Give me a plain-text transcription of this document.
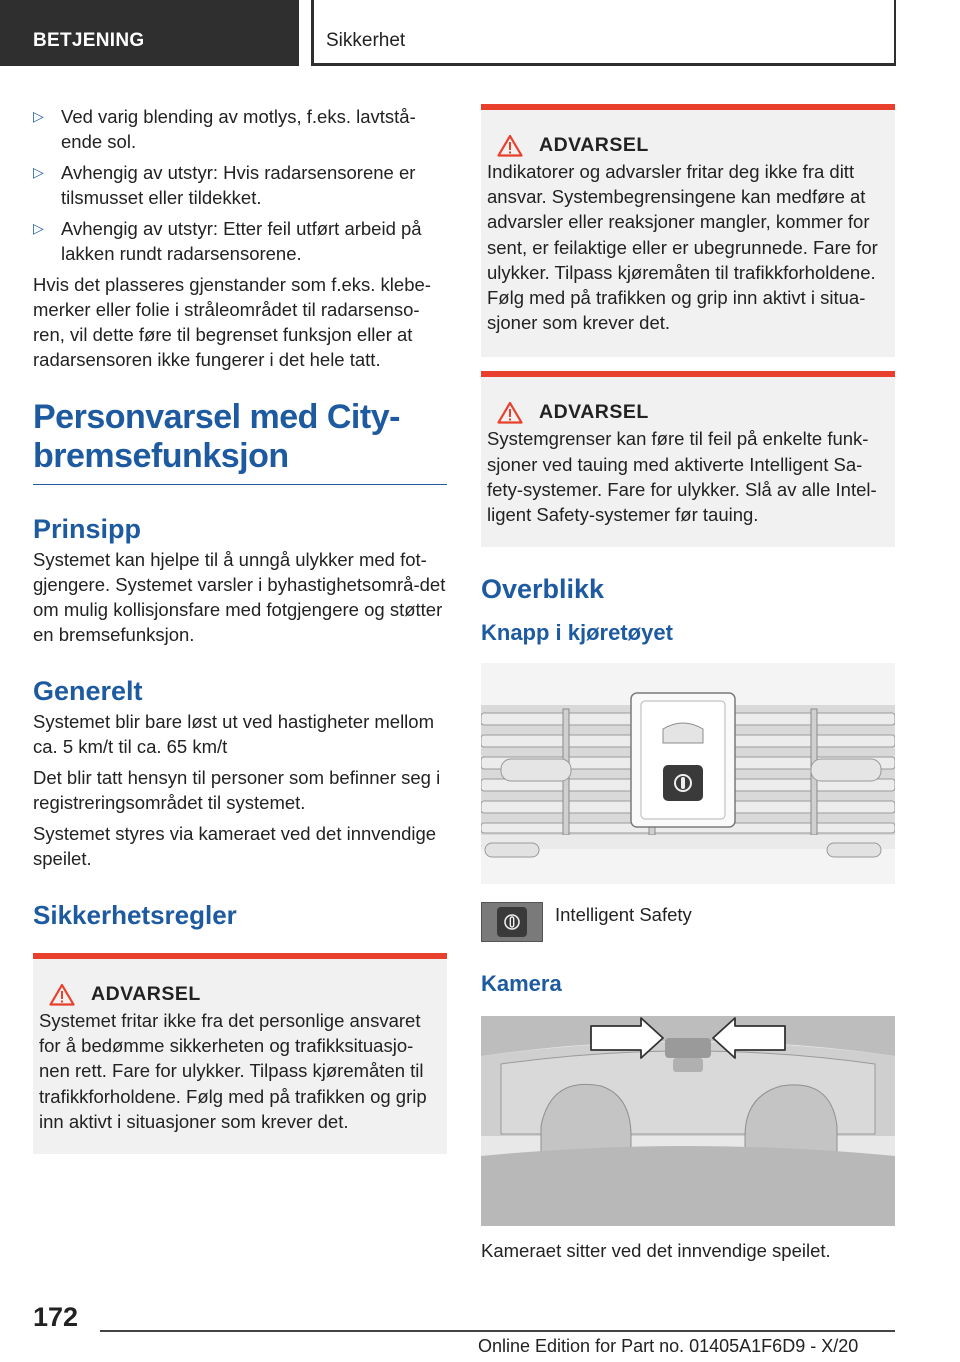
BETJENING	Sikkerhet
▷ Ved varig blending av motlys, f.eks. lavtstå-ende sol.
▷ Avhengig av utstyr: Hvis radarsensorene er tilsmusset eller tildekket.
▷ Avhengig av utstyr: Etter feil utført arbeid på lakken rundt radarsensorene.

Hvis det plasseres gjenstander som f.eks. klebe-merker eller folie i stråleområdet til radarsenso-ren, vil dette føre til begrenset funksjon eller at radarsensoren ikke fungerer i det hele tatt.

Personvarsel med City-bremsefunksjon
Prinsipp

Systemet kan hjelpe til å unngå ulykker med fot-gjengere. Systemet varsler i byhastighetsområ-det om mulig kollisjonsfare med fotgjengere og støtter en bremsefunksjon.

Generelt

Systemet blir bare løst ut ved hastigheter mellom ca. 5 km/t til ca. 65 km/t

Det blir tatt hensyn til personer som befinner seg i registreringsområdet til systemet.

Systemet styres via kameraet ved det innvendige speilet.

Sikkerhetsregler
ADVARSEL

Systemet fritar ikke fra det personlige ansvaret for å bedømme sikkerheten og trafikksituasjo-nen rett. Fare for ulykker. Tilpass kjøremåten til trafikkforholdene. Følg med på trafikken og grip inn aktivt i situasjoner som krever det.

ADVARSEL

Indikatorer og advarsler fritar deg ikke fra ditt ansvar. Systembegrensingene kan medføre at advarsler eller reaksjoner mangler, kommer for sent, er feilaktige eller er ubegrunnede. Fare for ulykker. Tilpass kjøremåten til trafikkforholdene. Følg med på trafikken og grip inn aktivt i situa-sjoner som krever det.

ADVARSEL

Systemgrenser kan føre til feil på enkelte funk-sjoner ved tauing med aktiverte Intelligent Sa-fety-systemer. Fare for ulykker. Slå av alle Intel-ligent Safety-systemer før tauing.

Overblikk
Knapp i kjøretøyet

Intelligent Safety

Kamera

Kameraet sitter ved det innvendige speilet.

172
Online Edition for Part no. 01405A1F6D9 - X/20
